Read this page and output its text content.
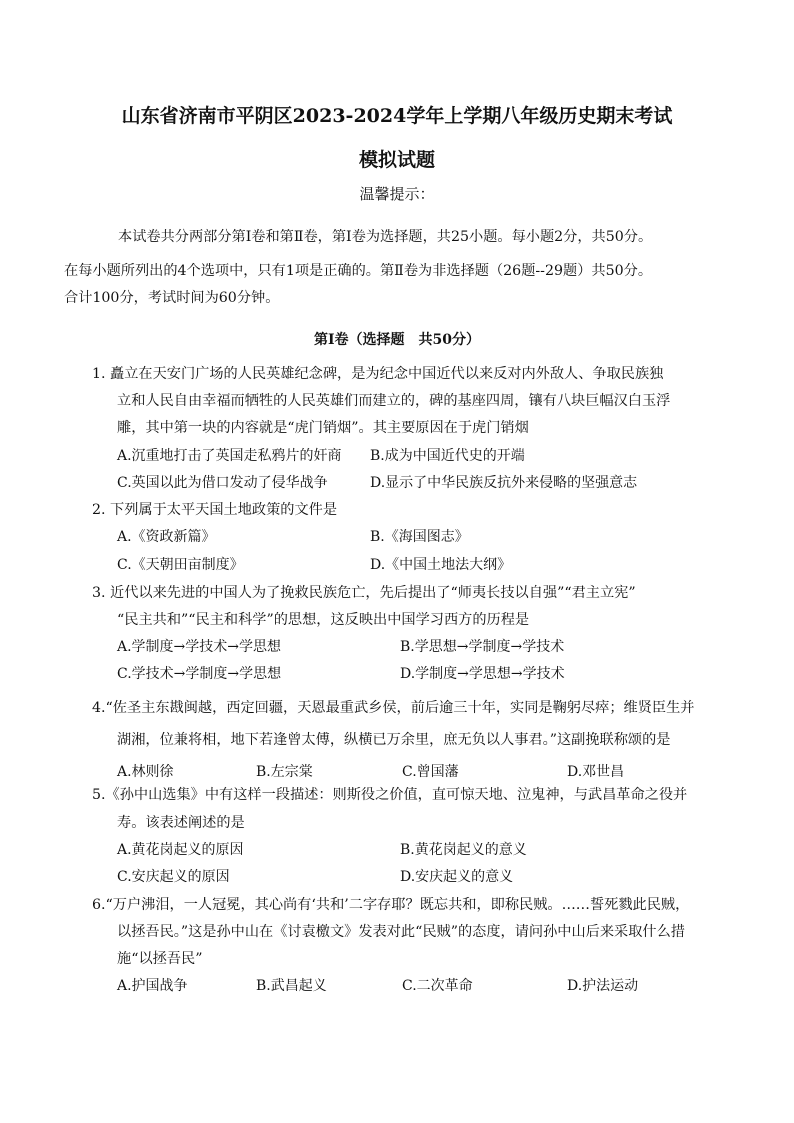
山东省济南市平阴区2023-2024学年上学期八年级历史期末考试
模拟试题
温馨提示：
本试卷共分两部分第Ⅰ卷和第Ⅱ卷，第Ⅰ卷为选择题，共25小题。每小题2分，共50分。
在每小题所列出的4个选项中，只有1项是正确的。第Ⅱ卷为非选择题（26题--29题）共50分。
合计100分，考试时间为60分钟。
第Ⅰ卷（选择题　共50分）
1. 矗立在天安门广场的人民英雄纪念碑，是为纪念中国近代以来反对内外敌人、争取民族独
立和人民自由幸福而牺牲的人民英雄们而建立的，碑的基座四周，镶有八块巨幅汉白玉浮
雕，其中第一块的内容就是“虎门销烟”。其主要原因在于虎门销烟
A.沉重地打击了英国走私鸦片的奸商 B.成为中国近代史的开端
C.英国以此为借口发动了侵华战争	D.显示了中华民族反抗外来侵略的坚强意志
2. 下列属于太平天国土地政策的文件是
A.《资政新篇》	B.《海国图志》
C.《天朝田亩制度》	D.《中国土地法大纲》
3. 近代以来先进的中国人为了挽救民族危亡，先后提出了“师夷长技以自强”“君主立宪”
“民主共和”“民主和科学”的思想，这反映出中国学习西方的历程是
A.学制度→学技术→学思想	B.学思想→学制度→学技术
C.学技术→学制度→学思想	D.学制度→学思想→学技术
4.“佐圣主东戡闽越，西定回疆，天恩最重武乡侯，前后逾三十年，实同是鞠躬尽瘁；维贤臣生并
湖湘，位兼将相，地下若逢曾太傅，纵横已万余里，庶无负以人事君。”这副挽联称颂的是
A.林则徐	B.左宗棠	C.曾国藩	D.邓世昌
5.《孙中山选集》中有这样一段描述：则斯役之价值，直可惊天地、泣鬼神，与武昌革命之役并
寿。该表述阐述的是
A.黄花岗起义的原因	B.黄花岗起义的意义
C.安庆起义的原因	D.安庆起义的意义
6.“万户沸泪，一人冠冕，其心尚有‘共和’二字存耶？既忘共和，即称民贼。……誓死戮此民贼，
以拯吾民。”这是孙中山在《讨袁檄文》发表对此“民贼”的态度，请问孙中山后来采取什么措
施“以拯吾民”
A.护国战争	B.武昌起义	C.二次革命	D.护法运动
